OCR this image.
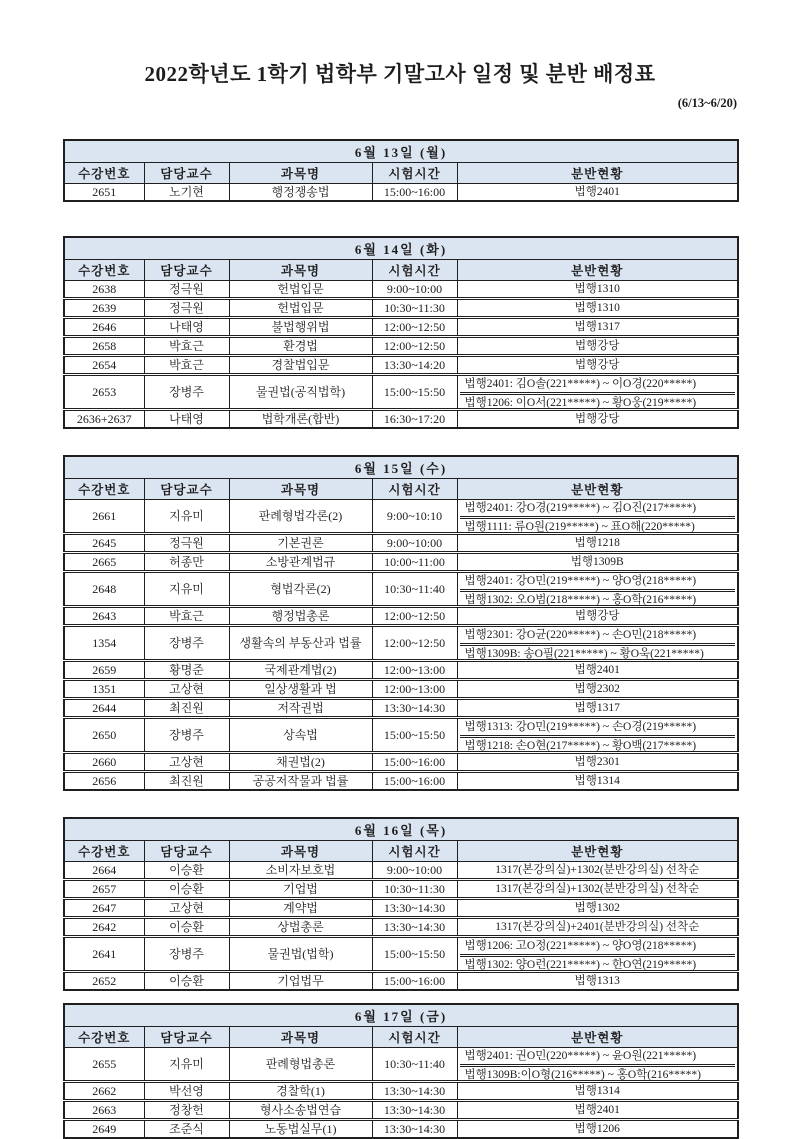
2022학년도 1학기 법학부 기말고사 일정 및 분반 배정표
(6/13~6/20)
6월 13일 (월)				
수강번호	담당교수	과목명	시험시간	분반현황
2651	노기현	행정쟁송법	15:00~16:00	법행2401
6월 14일 (화)				
수강번호	담당교수	과목명	시험시간	분반현황
2638	정극원	헌법입문	9:00~10:00	법행1310

2639	정극원	헌법입문	10:30~11:30	법행1310

2646	나태영	불법행위법	12:00~12:50	법행1317

2658	박효근	환경법	12:00~12:50	법행강당

2654	박효근	경찰법입문	13:30~14:20	법행강당

2653	장병주	물권법(공직법학)	15:00~15:50	법행2401: 김O솔(221*****) ~ 이O경(220*****)
법행1206: 이O서(221*****) ~ 황O웅(219*****)

2636+2637	나태영	법학개론(합반)	16:30~17:20	법행강당
6월 15일 (수)				
수강번호	담당교수	과목명	시험시간	분반현황
2661	지유미	판례형법각론(2)	9:00~10:10	법행2401: 강O경(219*****) ~ 김O진(217*****)
법행1111: 류O원(219*****) ~ 표O해(220*****)

2645	정극원	기본권론	9:00~10:00	법행1218

2665	허종만	소방관계법규	10:00~11:00	법행1309B

2648	지유미	형법각론(2)	10:30~11:40	법행2401: 강O민(219*****) ~ 양O영(218*****)
법행1302: 오O범(218*****) ~ 홍O학(216*****)

2643	박효근	행정법총론	12:00~12:50	법행강당

1354	장병주	생활속의 부동산과 법률	12:00~12:50	법행2301: 강O균(220*****) ~ 손O민(218*****)
법행1309B: 송O필(221*****) ~ 황O욱(221*****)

2659	황명준	국제관계법(2)	12:00~13:00	법행2401

1351	고상현	일상생활과 법	12:00~13:00	법행2302

2644	최진원	저작권법	13:30~14:30	법행1317

2650	장병주	상속법	15:00~15:50	법행1313: 강O민(219*****) ~ 손O경(219*****)
법행1218: 손O현(217*****) ~ 황O백(217*****)

2660	고상현	채권법(2)	15:00~16:00	법행2301

2656	최진원	공공저작물과 법률	15:00~16:00	법행1314
6월 16일 (목)				
수강번호	담당교수	과목명	시험시간	분반현황
2664	이승환	소비자보호법	9:00~10:00	1317(본강의실)+1302(분반강의실) 선착순

2657	이승환	기업법	10:30~11:30	1317(본강의실)+1302(분반강의실) 선착순

2647	고상현	계약법	13:30~14:30	법행1302

2642	이승환	상법총론	13:30~14:30	1317(본강의실)+2401(분반강의실) 선착순

2641	장병주	물권법(법학)	15:00~15:50	법행1206: 고O정(221*****) ~ 양O영(218*****)
법행1302: 양O런(221*****) ~ 한O연(219*****)

2652	이승환	기업법무	15:00~16:00	법행1313
6월 17일 (금)				
수강번호	담당교수	과목명	시험시간	분반현황
2655	지유미	판례형법총론	10:30~11:40	법행2401: 권O민(220*****) ~ 윤O원(221*****)
법행1309B:이O형(216*****) ~ 홍O학(216*****)

2662	박선영	경찰학(1)	13:30~14:30	법행1314

2663	정창헌	형사소송법연습	13:30~14:30	법행2401

2649	조준식	노동법실무(1)	13:30~14:30	법행1206
